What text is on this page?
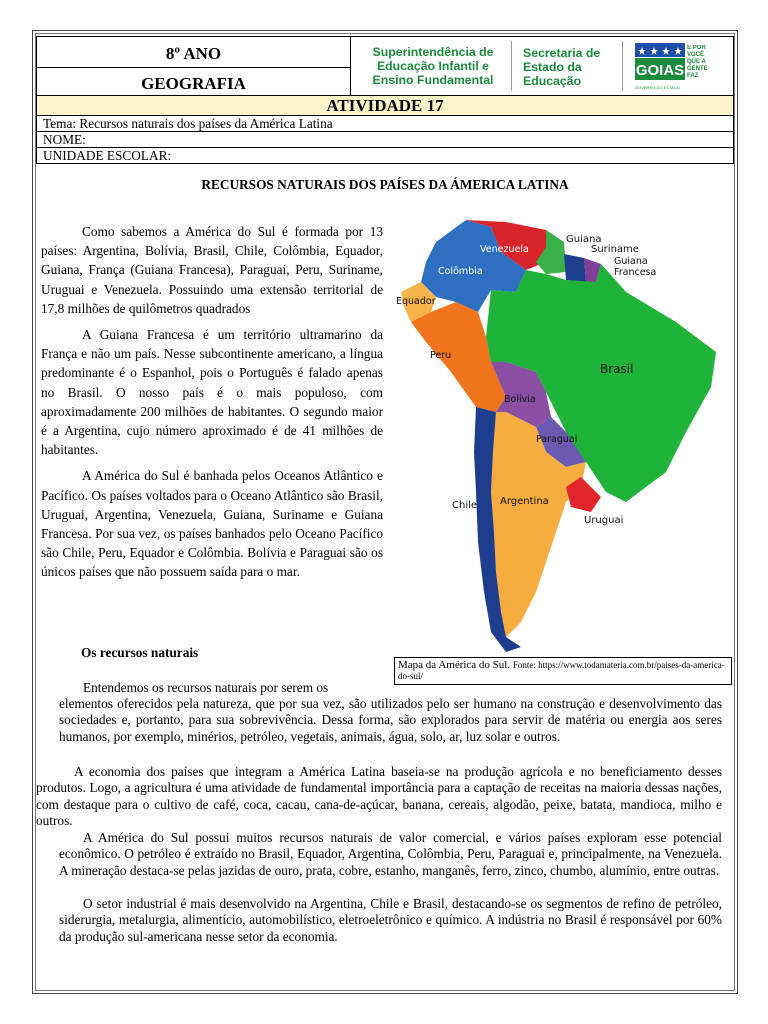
8º ANO
GEOGRAFIA
Superintendência de Educação Infantil e Ensino Fundamental
Secretaria de Estado da Educação
GOIAS
GOVERNO DO ESTADO
É POR VOCÊ QUE A GENTE FAZ
ATIVIDADE 17
Tema: Recursos naturais dos países da América Latina
NOME:
UNIDADE ESCOLAR:
RECURSOS NATURAIS DOS PAÍSES DA ÁMERICA LATINA

Como sabemos a América do Sul é formada por 13 países: Argentina, Bolívia, Brasil, Chile, Colômbia, Equador, Guiana, França (Guiana Francesa), Paraguai, Peru, Suriname, Uruguai e Venezuela. Possuindo uma extensão territorial de 17,8 milhões de quilômetros quadrados

A Guiana Francesa é um território ultramarino da França e não um país. Nesse subcontinente americano, a língua predominante é o Espanhol, pois o Português é falado apenas no Brasil. O nosso país é o mais populoso, com aproximadamente 200 milhões de habitantes. O segundo maior é a Argentina, cujo número aproximado é de 41 milhões de habitantes.

A América do Sul é banhada pelos Oceanos Atlântico e Pacífico. Os países voltados para o Oceano Atlântico são Brasil, Uruguai, Argentina, Venezuela, Guiana, Suriname e Guiana Francesa. Por sua vez, os países banhados pelo Oceano Pacífico são Chile, Peru, Equador e Colômbia. Bolívia e Paraguai são os únicos países que não possuem saída para o mar.

Guiana
Suriname
Guiana
Francesa
Venezuela
Colômbia
Equador
Peru
Brasil
Bolívia
Paraguai
Chile Argentina
Uruguai
Mapa da América do Sul. Fonte: https://www.todamateria.com.br/paises-da-america-do-sul/
Os recursos naturais
Entendemos os recursos naturais por serem os
elementos oferecidos pela natureza, que por sua vez, são utilizados pelo ser humano na construção e desenvolvimento das sociedades e, portanto, para sua sobrevivência. Dessa forma, são explorados para servir de matéria ou energia aos seres humanos, por exemplo, minérios, petróleo, vegetais, animais, água, solo, ar, luz solar e outros.
A economia dos países que integram a América Latina baseia-se na produção agrícola e no beneficiamento desses produtos. Logo, a agricultura é uma atividade de fundamental importância para a captação de receitas na maioria dessas nações, com destaque para o cultivo de café, coca, cacau, cana-de-açúcar, banana, cereais, algodão, peixe, batata, mandioca, milho e outros.
A América do Sul possui muitos recursos naturais de valor comercial, e vários países exploram esse potencial econômico. O petróleo é extraído no Brasil, Equador, Argentina, Colômbia, Peru, Paraguai e, principalmente, na Venezuela. A mineração destaca-se pelas jazidas de ouro, prata, cobre, estanho, manganês, ferro, zinco, chumbo, alumínio, entre outras.
O setor industrial é mais desenvolvido na Argentina, Chile e Brasil, destacando-se os segmentos de refino de petróleo, siderurgia, metalurgia, alimentício, automobilístico, eletroeletrônico e químico. A indústria no Brasil é responsável por 60% da produção sul-americana nesse setor da economia.
